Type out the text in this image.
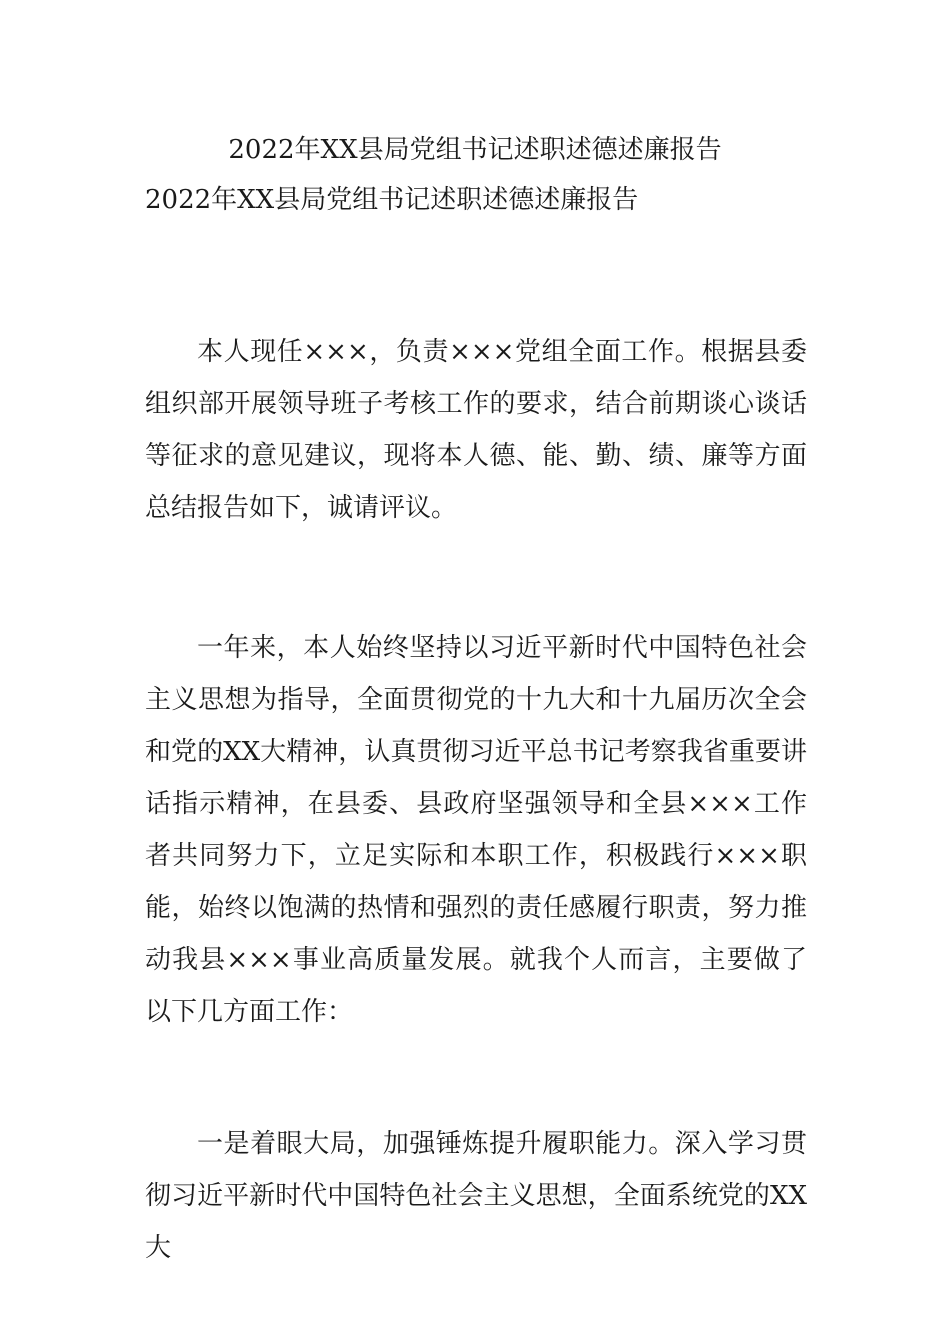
2022年XX县局党组书记述职述德述廉报告
2022年XX县局党组书记述职述德述廉报告

本人现任×××，负责×××党组全面工作。根据县委组织部开展领导班子考核工作的要求，结合前期谈心谈话等征求的意见建议，现将本人德、能、勤、绩、廉等方面总结报告如下，诚请评议。

一年来，本人始终坚持以习近平新时代中国特色社会主义思想为指导，全面贯彻党的十九大和十九届历次全会和党的XX大精神，认真贯彻习近平总书记考察我省重要讲话指示精神，在县委、县政府坚强领导和全县×××工作者共同努力下，立足实际和本职工作，积极践行×××职能，始终以饱满的热情和强烈的责任感履行职责，努力推动我县×××事业高质量发展。就我个人而言，主要做了以下几方面工作：

一是着眼大局，加强锤炼提升履职能力。深入学习贯彻习近平新时代中国特色社会主义思想，全面系统党的XX大
